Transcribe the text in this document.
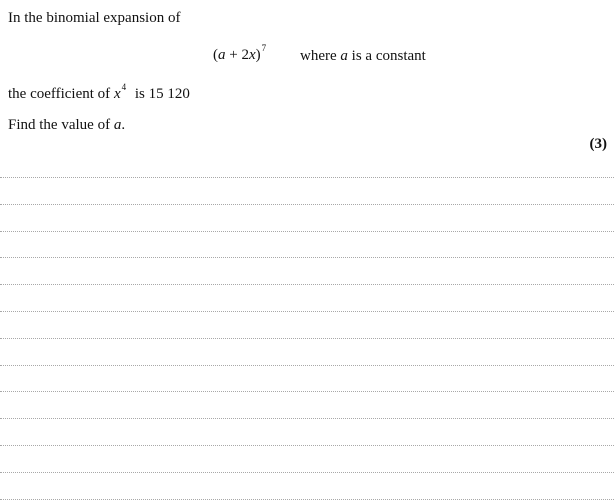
In the binomial expansion of
$(a + 2x)^7$ where a is a constant
the coefficient of $x^4$ is 15 120
Find the value of a.
(3)
